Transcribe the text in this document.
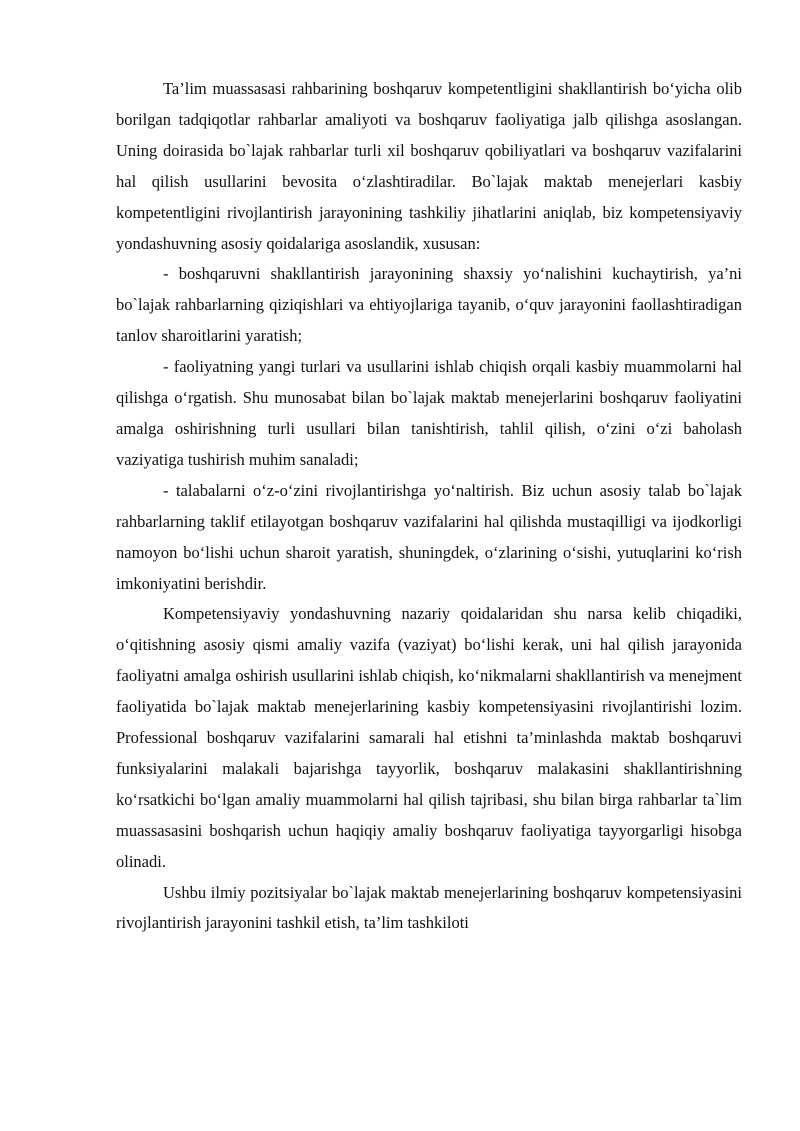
Ta’lim muassasasi rahbarining boshqaruv kompetentligini shakllantirish bo‘yicha olib borilgan tadqiqotlar rahbarlar amaliyoti va boshqaruv faoliyatiga jalb qilishga asoslangan. Uning doirasida bo`lajak rahbarlar turli xil boshqaruv qobiliyatlari va boshqaruv vazifalarini hal qilish usullarini bevosita o‘zlashtiradilar. Bo`lajak maktab menejerlari kasbiy kompetentligini rivojlantirish jarayonining tashkiliy jihatlarini aniqlab, biz kompetensiyaviy yondashuvning asosiy qoidalariga asoslandik, xususan:

- boshqaruvni shakllantirish jarayonining shaxsiy yo‘nalishini kuchaytirish, ya’ni bo`lajak rahbarlarning qiziqishlari va ehtiyojlariga tayanib, o‘quv jarayonini faollashtiradigan tanlov sharoitlarini yaratish;

- faoliyatning yangi turlari va usullarini ishlab chiqish orqali kasbiy muammolarni hal qilishga o‘rgatish. Shu munosabat bilan bo`lajak maktab menejerlarini boshqaruv faoliyatini amalga oshirishning turli usullari bilan tanishtirish, tahlil qilish, o‘zini o‘zi baholash vaziyatiga tushirish muhim sanaladi;

- talabalarni o‘z-o‘zini rivojlantirishga yo‘naltirish. Biz uchun asosiy talab bo`lajak rahbarlarning taklif etilayotgan boshqaruv vazifalarini hal qilishda mustaqilligi va ijodkorligi namoyon bo‘lishi uchun sharoit yaratish, shuningdek, o‘zlarining o‘sishi, yutuqlarini ko‘rish imkoniyatini berishdir.

Kompetensiyaviy yondashuvning nazariy qoidalaridan shu narsa kelib chiqadiki, o‘qitishning asosiy qismi amaliy vazifa (vaziyat) bo‘lishi kerak, uni hal qilish jarayonida faoliyatni amalga oshirish usullarini ishlab chiqish, ko‘nikmalarni shakllantirish va menejment faoliyatida bo`lajak maktab menejerlarining kasbiy kompetensiyasini rivojlantirishi lozim. Professional boshqaruv vazifalarini samarali hal etishni ta’minlashda maktab boshqaruvi funksiyalarini malakali bajarishga tayyorlik, boshqaruv malakasini shakllantirishning ko‘rsatkichi bo‘lgan amaliy muammolarni hal qilish tajribasi, shu bilan birga rahbarlar ta`lim muassasasini boshqarish uchun haqiqiy amaliy boshqaruv faoliyatiga tayyorgarligi hisobga olinadi.

Ushbu ilmiy pozitsiyalar bo`lajak maktab menejerlarining boshqaruv kompetensiyasini rivojlantirish jarayonini tashkil etish, ta’lim tashkiloti
